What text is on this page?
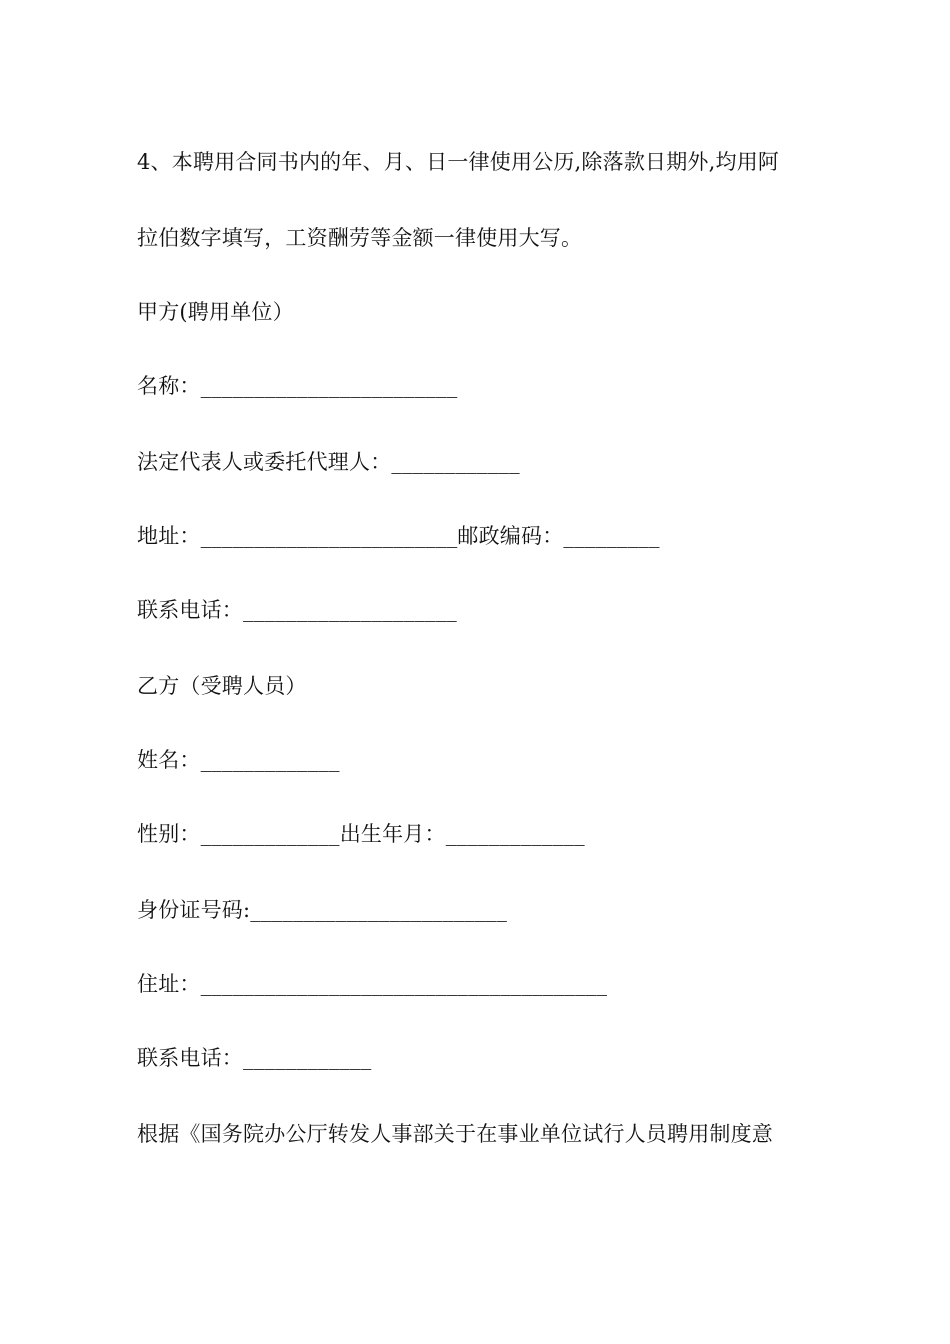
4、本聘用合同书内的年、月、日一律使用公历,除落款日期外,均用阿
拉伯数字填写，工资酬劳等金额一律使用大写。
甲方(聘用单位）
名称：________________________
法定代表人或委托代理人：____________
地址：________________________邮政编码：_________
联系电话：____________________
乙方（受聘人员）
姓名：_____________
性别：_____________出生年月：_____________
身份证号码:________________________
住址：______________________________________
联系电话：____________
根据《国务院办公厅转发人事部关于在事业单位试行人员聘用制度意
